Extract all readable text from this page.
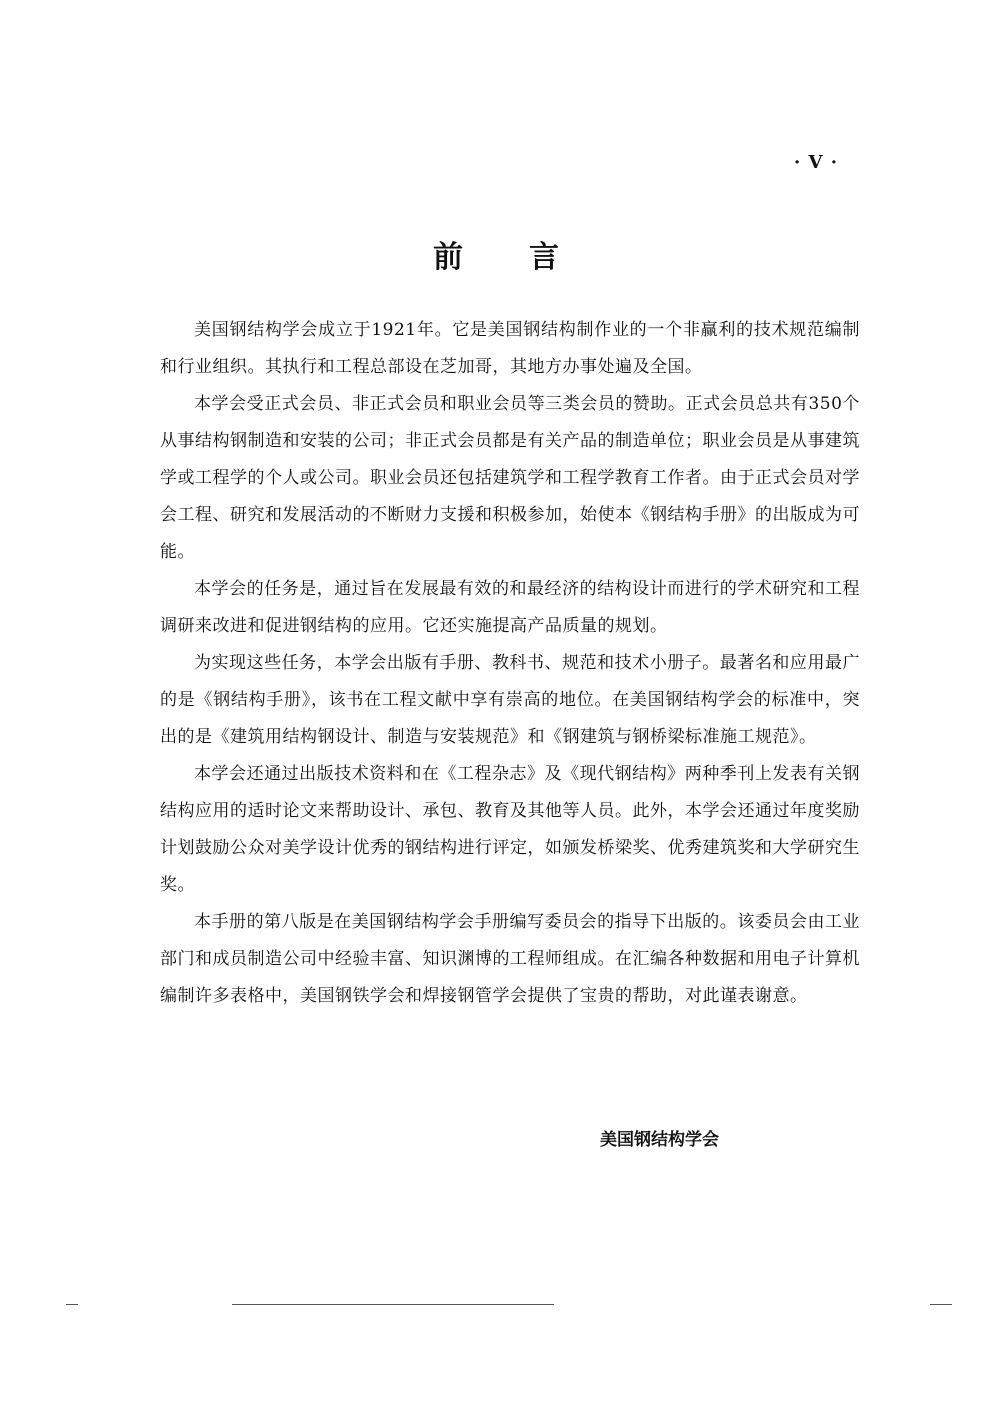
· Ⅴ ·
前 言

美国钢结构学会成立于1921年。它是美国钢结构制作业的一个非赢利的技术规范编制和行业组织。其执行和工程总部设在芝加哥，其地方办事处遍及全国。

本学会受正式会员、非正式会员和职业会员等三类会员的赞助。正式会员总共有350个从事结构钢制造和安装的公司；非正式会员都是有关产品的制造单位；职业会员是从事建筑学或工程学的个人或公司。职业会员还包括建筑学和工程学教育工作者。由于正式会员对学会工程、研究和发展活动的不断财力支援和积极参加，始使本《钢结构手册》的出版成为可能。

本学会的任务是，通过旨在发展最有效的和最经济的结构设计而进行的学术研究和工程调研来改进和促进钢结构的应用。它还实施提高产品质量的规划。

为实现这些任务，本学会出版有手册、教科书、规范和技术小册子。最著名和应用最广的是《钢结构手册》，该书在工程文献中享有崇高的地位。在美国钢结构学会的标准中，突出的是《建筑用结构钢设计、制造与安装规范》和《钢建筑与钢桥梁标准施工规范》。

本学会还通过出版技术资料和在《工程杂志》及《现代钢结构》两种季刊上发表有关钢结构应用的适时论文来帮助设计、承包、教育及其他等人员。此外，本学会还通过年度奖励计划鼓励公众对美学设计优秀的钢结构进行评定，如颁发桥梁奖、优秀建筑奖和大学研究生奖。

本手册的第八版是在美国钢结构学会手册编写委员会的指导下出版的。该委员会由工业部门和成员制造公司中经验丰富、知识渊博的工程师组成。在汇编各种数据和用电子计算机编制许多表格中，美国钢铁学会和焊接钢管学会提供了宝贵的帮助，对此谨表谢意。

美国钢结构学会
